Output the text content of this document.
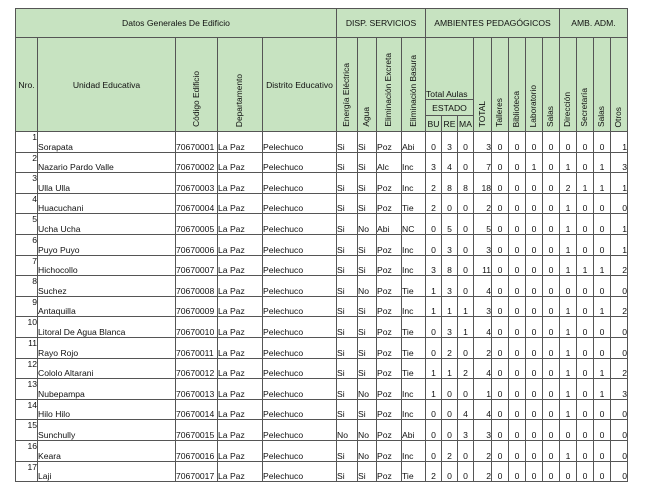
Datos Generales De Edificio					DISP. SERVICIOS				AMBIENTES PEDAGÓGICOS								AMB. ADM.			
Nro.	Unidad Educativa	Código Edificio	Departamento	Distrito Educativo	Energía Eléctrica	Agua	Eliminación Excreta	Eliminación Basura	Total Aulas			TOTAL	Talleres	Biblioteca	Laboratorio	Salas	Dirección	Secretaría	Salas	Otros

									ESTADO											
									BU	RE	MA									
1	Sorapata	70670001	La Paz	Pelechuco	Si	Si	Poz	Abi	0	3	0	3	0	0	0	0	0	0	0	1
2	Nazario Pardo Valle	70670002	La Paz	Pelechuco	Si	Si	Alc	Inc	3	4	0	7	0	0	1	0	1	0	1	3
3	Ulla Ulla	70670003	La Paz	Pelechuco	Si	Si	Poz	Inc	2	8	8	18	0	0	0	0	2	1	1	1
4	Huacuchani	70670004	La Paz	Pelechuco	Si	Si	Poz	Tie	2	0	0	2	0	0	0	0	1	0	0	0
5	Ucha Ucha	70670005	La Paz	Pelechuco	Si	No	Abi	NC	0	5	0	5	0	0	0	0	1	0	0	1
6	Puyo Puyo	70670006	La Paz	Pelechuco	Si	Si	Poz	Inc	0	3	0	3	0	0	0	0	1	0	0	1
7	Hichocollo	70670007	La Paz	Pelechuco	Si	Si	Poz	Inc	3	8	0	11	0	0	0	0	1	1	1	2
8	Suchez	70670008	La Paz	Pelechuco	Si	No	Poz	Tie	1	3	0	4	0	0	0	0	0	0	0	0
9	Antaquilla	70670009	La Paz	Pelechuco	Si	Si	Poz	Inc	1	1	1	3	0	0	0	0	1	0	1	2
10	Litoral De Agua Blanca	70670010	La Paz	Pelechuco	Si	Si	Poz	Tie	0	3	1	4	0	0	0	0	1	0	0	0
11	Rayo Rojo	70670011	La Paz	Pelechuco	Si	Si	Poz	Tie	0	2	0	2	0	0	0	0	1	0	0	0
12	Cololo Altarani	70670012	La Paz	Pelechuco	Si	Si	Poz	Tie	1	1	2	4	0	0	0	0	1	0	1	2
13	Nubepampa	70670013	La Paz	Pelechuco	Si	No	Poz	Inc	1	0	0	1	0	0	0	0	1	0	1	3
14	Hilo Hilo	70670014	La Paz	Pelechuco	Si	Si	Poz	Inc	0	0	4	4	0	0	0	0	1	0	0	0
15	Sunchully	70670015	La Paz	Pelechuco	No	No	Poz	Abi	0	0	3	3	0	0	0	0	0	0	0	0
16	Keara	70670016	La Paz	Pelechuco	Si	No	Poz	Inc	0	2	0	2	0	0	0	0	1	0	0	0
17	Laji	70670017	La Paz	Pelechuco	Si	Si	Poz	Tie	2	0	0	2	0	0	0	0	0	0	0	0
